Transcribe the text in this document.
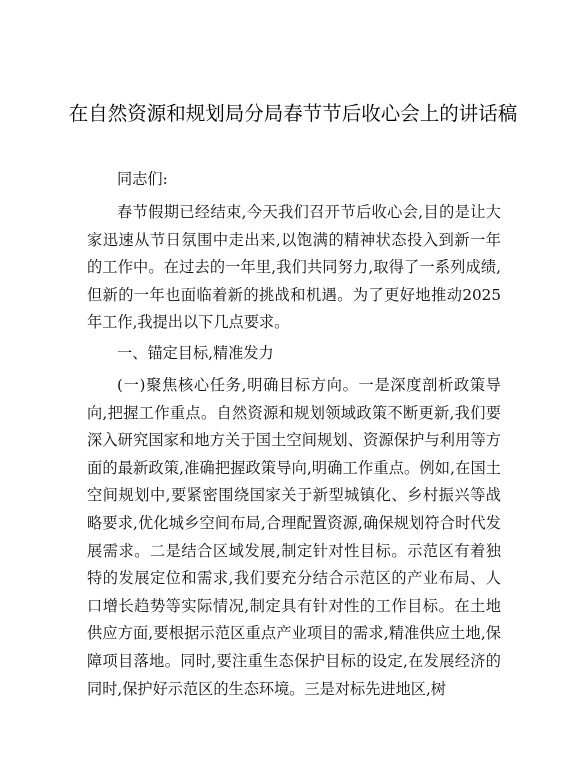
在自然资源和规划局分局春节节后收心会上的讲话稿

同志们:

春节假期已经结束,今天我们召开节后收心会,目的是让大家迅速从节日氛围中走出来,以饱满的精神状态投入到新一年的工作中。在过去的一年里,我们共同努力,取得了一系列成绩,但新的一年也面临着新的挑战和机遇。为了更好地推动2025 年工作,我提出以下几点要求。

一、锚定目标,精准发力

(一)聚焦核心任务,明确目标方向。一是深度剖析政策导向,把握工作重点。自然资源和规划领域政策不断更新,我们要深入研究国家和地方关于国土空间规划、资源保护与利用等方面的最新政策,准确把握政策导向,明确工作重点。例如,在国土空间规划中,要紧密围绕国家关于新型城镇化、乡村振兴等战略要求,优化城乡空间布局,合理配置资源,确保规划符合时代发展需求。二是结合区域发展,制定针对性目标。示范区有着独特的发展定位和需求,我们要充分结合示范区的产业布局、人口增长趋势等实际情况,制定具有针对性的工作目标。在土地供应方面,要根据示范区重点产业项目的需求,精准供应土地,保障项目落地。同时,要注重生态保护目标的设定,在发展经济的同时,保护好示范区的生态环境。三是对标先进地区,树
